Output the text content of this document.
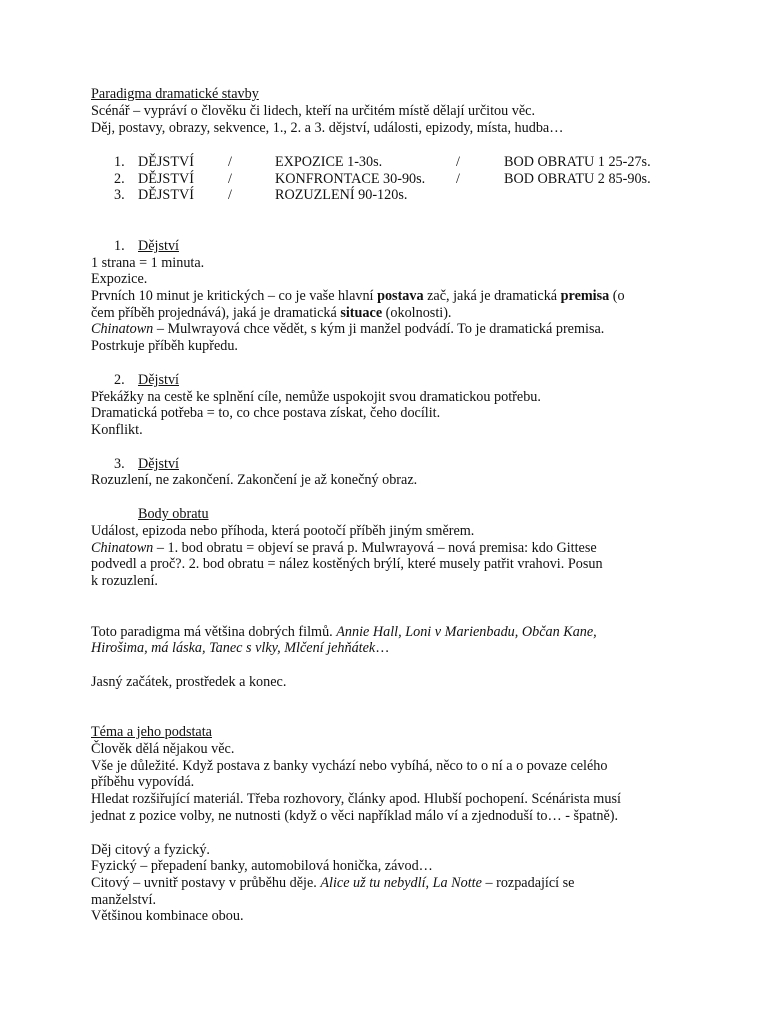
Paradigma dramatické stavby

Scénář – vypráví o člověku či lidech, kteří na určitém místě dělají určitou věc.

Děj, postavy, obrazy, sekvence, 1., 2. a 3. dějství, události, epizody, místa, hudba…

1. DĚJSTVÍ /	EXPOZICE 1-30s.	/	BOD OBRATU 1 25-27s.
2. DĚJSTVÍ /	KONFRONTACE 30-90s. /	BOD OBRATU 2 85-90s.
3. DĚJSTVÍ /	ROZUZLENÍ 90-120s.
1. Dějství

1 strana = 1 minuta.

Expozice.

Prvních 10 minut je kritických – co je vaše hlavní postava zač, jaká je dramatická premisa (o

čem příběh projednává), jaká je dramatická situace (okolnosti).

Chinatown – Mulwrayová chce vědět, s kým ji manžel podvádí. To je dramatická premisa.

Postrkuje příběh kupředu.

2. Dějství

Překážky na cestě ke splnění cíle, nemůže uspokojit svou dramatickou potřebu.

Dramatická potřeba = to, co chce postava získat, čeho docílit.

Konflikt.

3. Dějství

Rozuzlení, ne zakončení. Zakončení je až konečný obraz.

Body obratu

Událost, epizoda nebo příhoda, která pootočí příběh jiným směrem.

Chinatown – 1. bod obratu = objeví se pravá p. Mulwrayová – nová premisa: kdo Gittese

podvedl a proč?. 2. bod obratu = nález kostěných brýlí, které musely patřit vrahovi. Posun

k rozuzlení.

Toto paradigma má většina dobrých filmů. Annie Hall, Loni v Marienbadu, Občan Kane,

Hirošima, má láska, Tanec s vlky, Mlčení jehňátek…

Jasný začátek, prostředek a konec.

Téma a jeho podstata

Člověk dělá nějakou věc.

Vše je důležité. Když postava z banky vychází nebo vybíhá, něco to o ní a o povaze celého

příběhu vypovídá.

Hledat rozšiřující materiál. Třeba rozhovory, články apod. Hlubší pochopení. Scénárista musí

jednat z pozice volby, ne nutnosti (když o věci například málo ví a zjednoduší to… - špatně).

Děj citový a fyzický.

Fyzický – přepadení banky, automobilová honička, závod…

Citový – uvnitř postavy v průběhu děje. Alice už tu nebydlí, La Notte – rozpadající se

manželství.

Většinou kombinace obou.
